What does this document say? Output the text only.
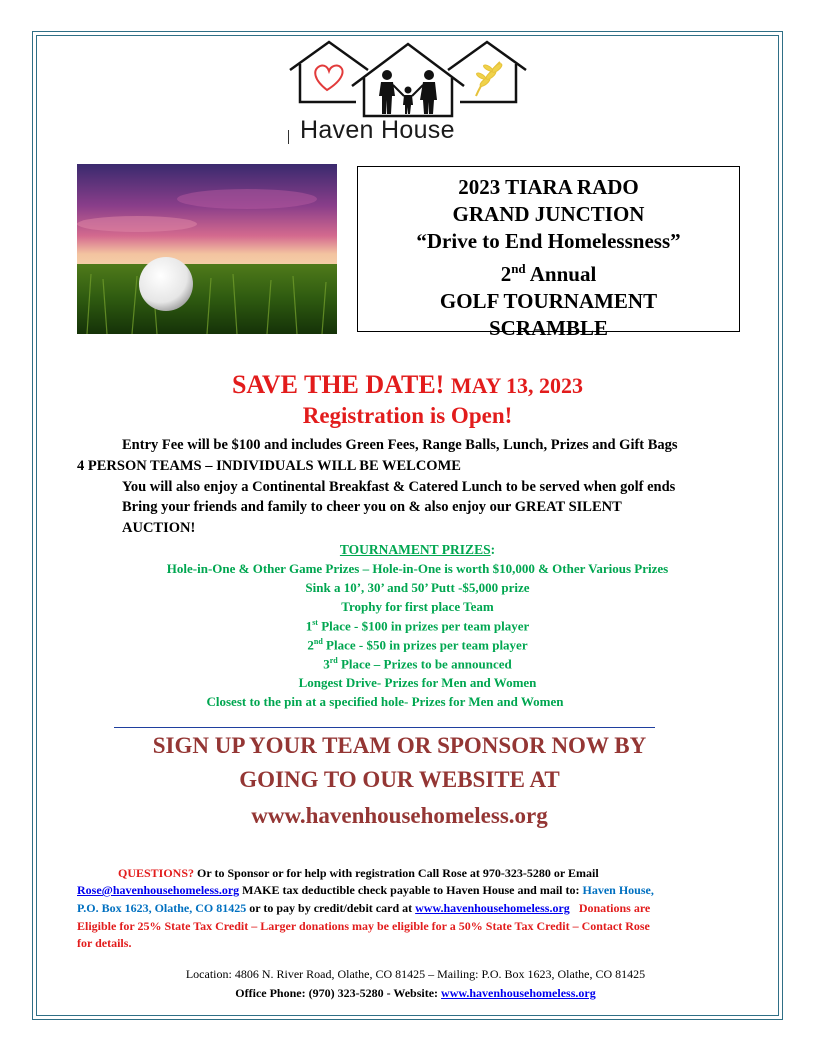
Haven House
2023 TIARA RADO
GRAND JUNCTION
“Drive to End Homelessness”
2nd Annual
GOLF TOURNAMENT
SCRAMBLE
SAVE THE DATE! MAY 13, 2023
Registration is Open!
Entry Fee will be $100 and includes Green Fees, Range Balls, Lunch, Prizes and Gift Bags
4 PERSON TEAMS – INDIVIDUALS WILL BE WELCOME
You will also enjoy a Continental Breakfast & Catered Lunch to be served when golf ends
Bring your friends and family to cheer you on & also enjoy our GREAT SILENT
AUCTION!
TOURNAMENT PRIZES:
Hole-in-One & Other Game Prizes – Hole-in-One is worth $10,000 & Other Various Prizes
Sink a 10’, 30’ and 50’ Putt -$5,000 prize
Trophy for first place Team
1st Place - $100 in prizes per team player
2nd Place - $50 in prizes per team player
3rd Place – Prizes to be announced
Longest Drive- Prizes for Men and Women
Closest to the pin at a specified hole- Prizes for Men and Women
SIGN UP YOUR TEAM OR SPONSOR NOW BY
GOING TO OUR WEBSITE AT
www.havenhousehomeless.org
QUESTIONS? Or to Sponsor or for help with registration Call Rose at 970-323-5280 or Email
Rose@havenhousehomeless.org MAKE tax deductible check payable to Haven House and mail to: Haven House,
P.O. Box 1623, Olathe, CO 81425 or to pay by credit/debit card at www.havenhousehomeless.org Donations are
Eligible for 25% State Tax Credit – Larger donations may be eligible for a 50% State Tax Credit – Contact Rose
for details.
Location: 4806 N. River Road, Olathe, CO 81425 – Mailing: P.O. Box 1623, Olathe, CO 81425
Office Phone: (970) 323-5280 - Website: www.havenhousehomeless.org
